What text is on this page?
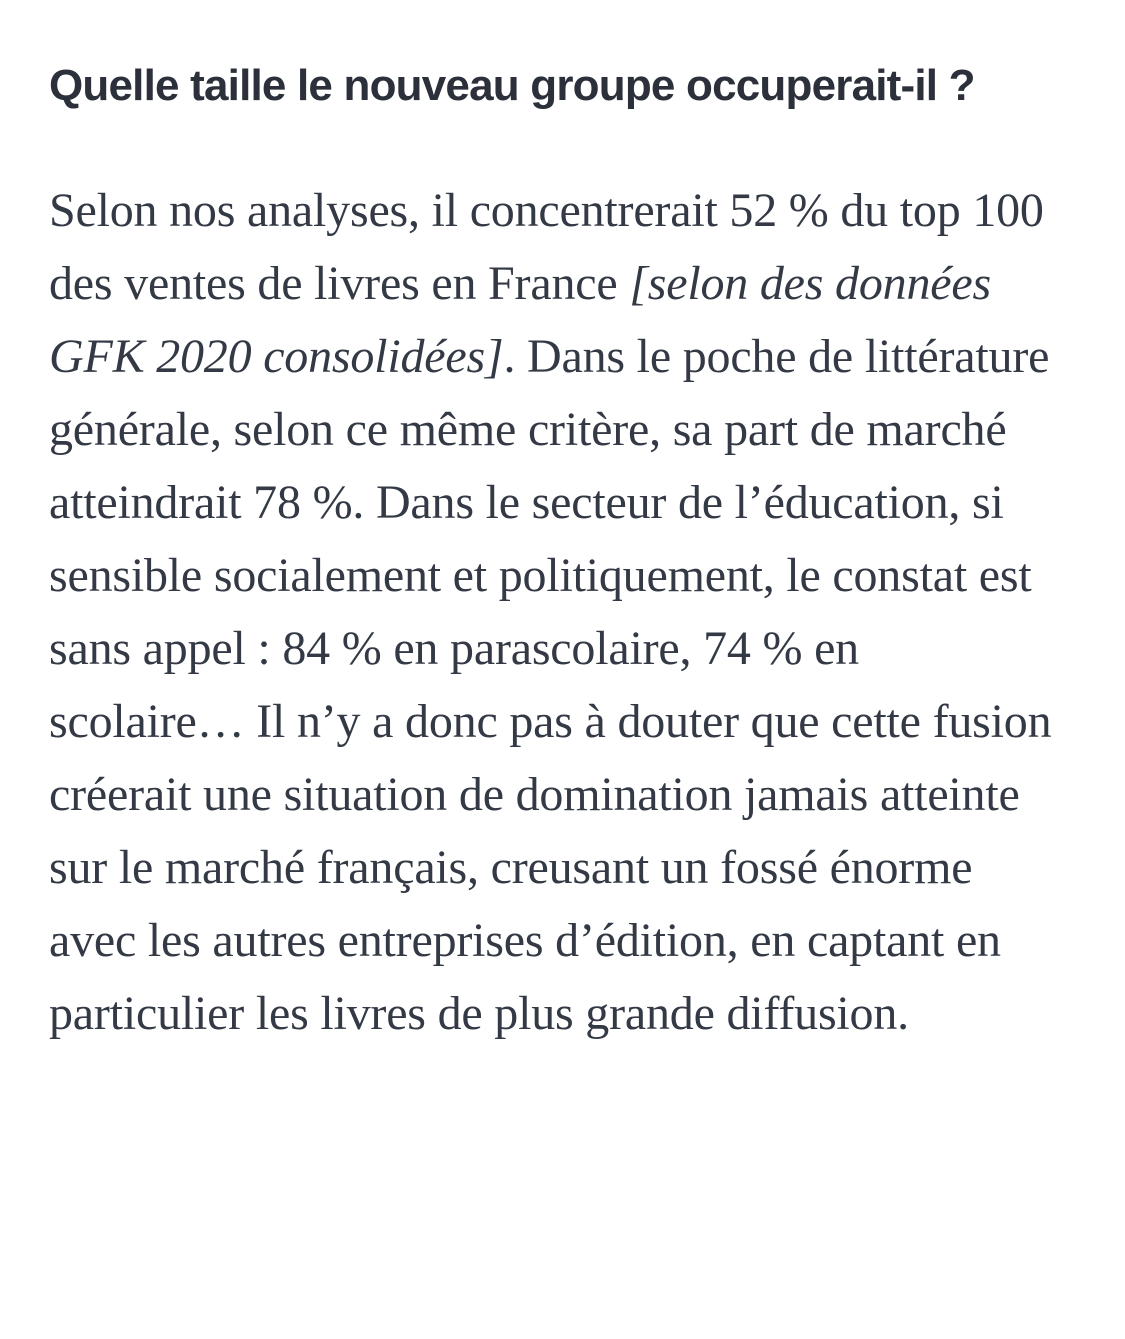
Quelle taille le nouveau groupe occuperait-il ?

Selon nos analyses, il concentrerait 52 % du top 100 des ventes de livres en France [selon des données GFK 2020 consolidées]. Dans le poche de littérature générale, selon ce même critère, sa part de marché atteindrait 78 %. Dans le secteur de l’éducation, si sensible socialement et politiquement, le constat est sans appel : 84 % en parascolaire, 74 % en scolaire… Il n’y a donc pas à douter que cette fusion créerait une situation de domination jamais atteinte sur le marché français, creusant un fossé énorme avec les autres entreprises d’édition, en captant en particulier les livres de plus grande diffusion.
